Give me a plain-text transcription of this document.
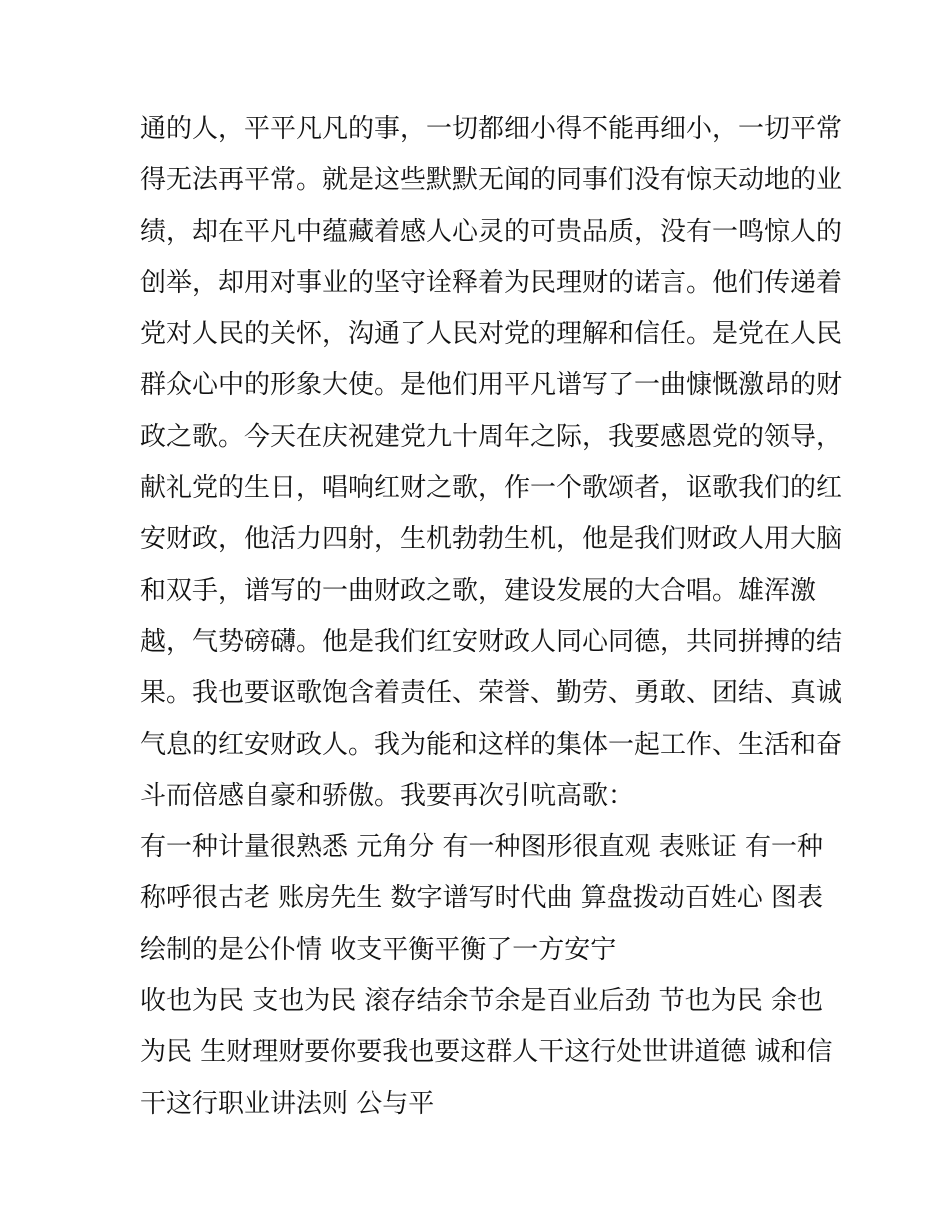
通的人，平平凡凡的事，一切都细小得不能再细小，一切平常
得无法再平常。就是这些默默无闻的同事们没有惊天动地的业
绩，却在平凡中蕴藏着感人心灵的可贵品质，没有一鸣惊人的
创举，却用对事业的坚守诠释着为民理财的诺言。他们传递着
党对人民的关怀，沟通了人民对党的理解和信任。是党在人民
群众心中的形象大使。是他们用平凡谱写了一曲慷慨激昂的财
政之歌。今天在庆祝建党九十周年之际，我要感恩党的领导，
献礼党的生日，唱响红财之歌，作一个歌颂者，讴歌我们的红
安财政，他活力四射，生机勃勃生机，他是我们财政人用大脑
和双手，谱写的一曲财政之歌，建设发展的大合唱。雄浑激
越，气势磅礴。他是我们红安财政人同心同德，共同拼搏的结
果。我也要讴歌饱含着责任、荣誉、勤劳、勇敢、团结、真诚
气息的红安财政人。我为能和这样的集体一起工作、生活和奋
斗而倍感自豪和骄傲。我要再次引吭高歌：
有一种计量很熟悉 元角分 有一种图形很直观 表账证 有一种
称呼很古老 账房先生 数字谱写时代曲 算盘拨动百姓心 图表
绘制的是公仆情 收支平衡平衡了一方安宁
收也为民 支也为民 滚存结余节余是百业后劲 节也为民 余也
为民 生财理财要你要我也要这群人干这行处世讲道德 诚和信
干这行职业讲法则 公与平
